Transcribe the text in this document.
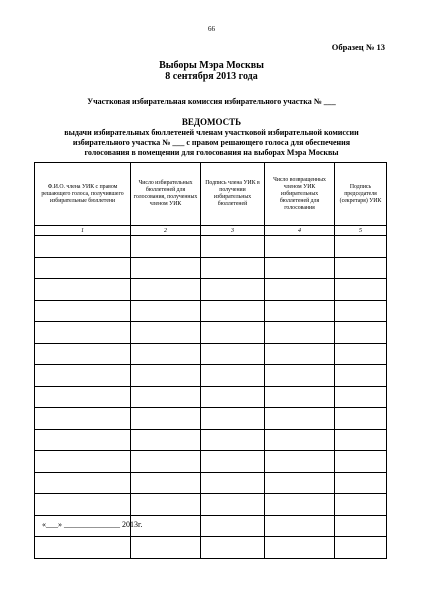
66
Образец № 13
Выборы Мэра Москвы
8 сентября 2013 года
Участковая избирательная комиссия избирательного участка № ___
ВЕДОМОСТЬ
выдачи избирательных бюллетеней членам участковой избирательной комиссии
избирательного участка № ___ с правом решающего голоса для обеспечения
голосования в помещении для голосования на выборах Мэра Москвы
Ф.И.О. члена УИК с правом решающего голоса, получившего избирательные бюллетени	Число избирательных бюллетеней для голосования, полученных членом УИК	Подпись члена УИК в получении избирательных бюллетеней	Число возвращенных членом УИК избирательных бюллетеней для голосования	Подпись председателя (секретаря) УИК
1	2	3	4	5

«___» ______________ 2013г.
